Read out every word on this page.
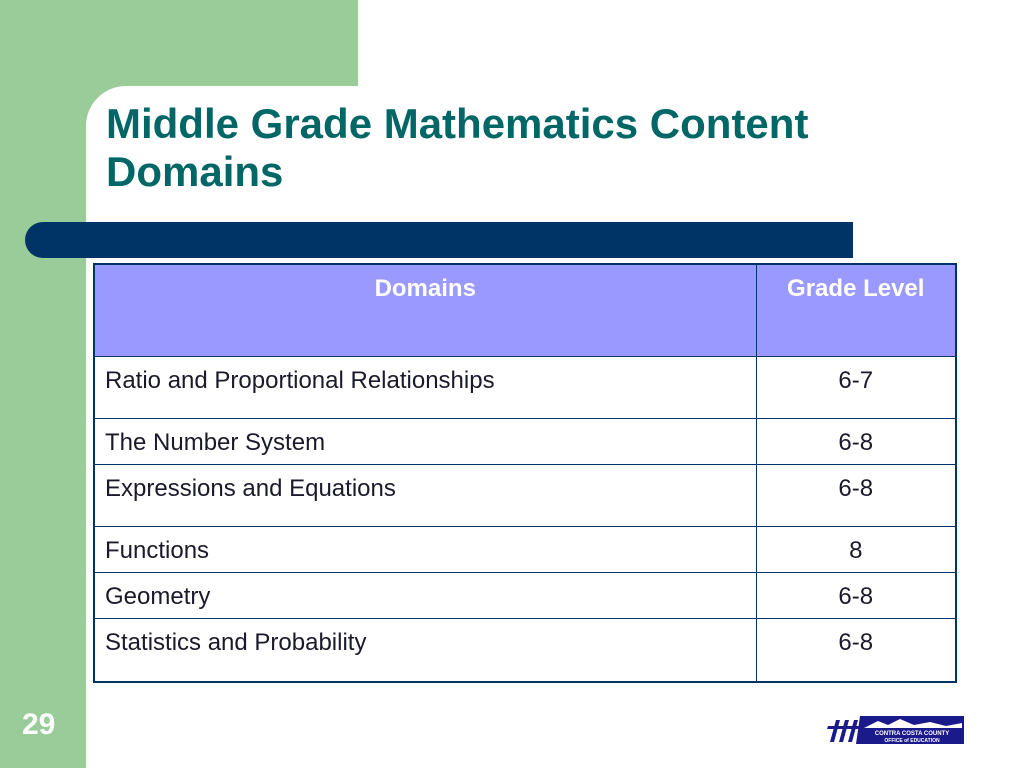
Middle Grade Mathematics Content Domains
Domains	Grade Level
Ratio and Proportional Relationships	6-7
The Number System	6-8
Expressions and Equations	6-8
Functions	8
Geometry	6-8
Statistics and Probability	6-8
29	CONTRA COSTA COUNTY
OFFICE of EDUCATION
